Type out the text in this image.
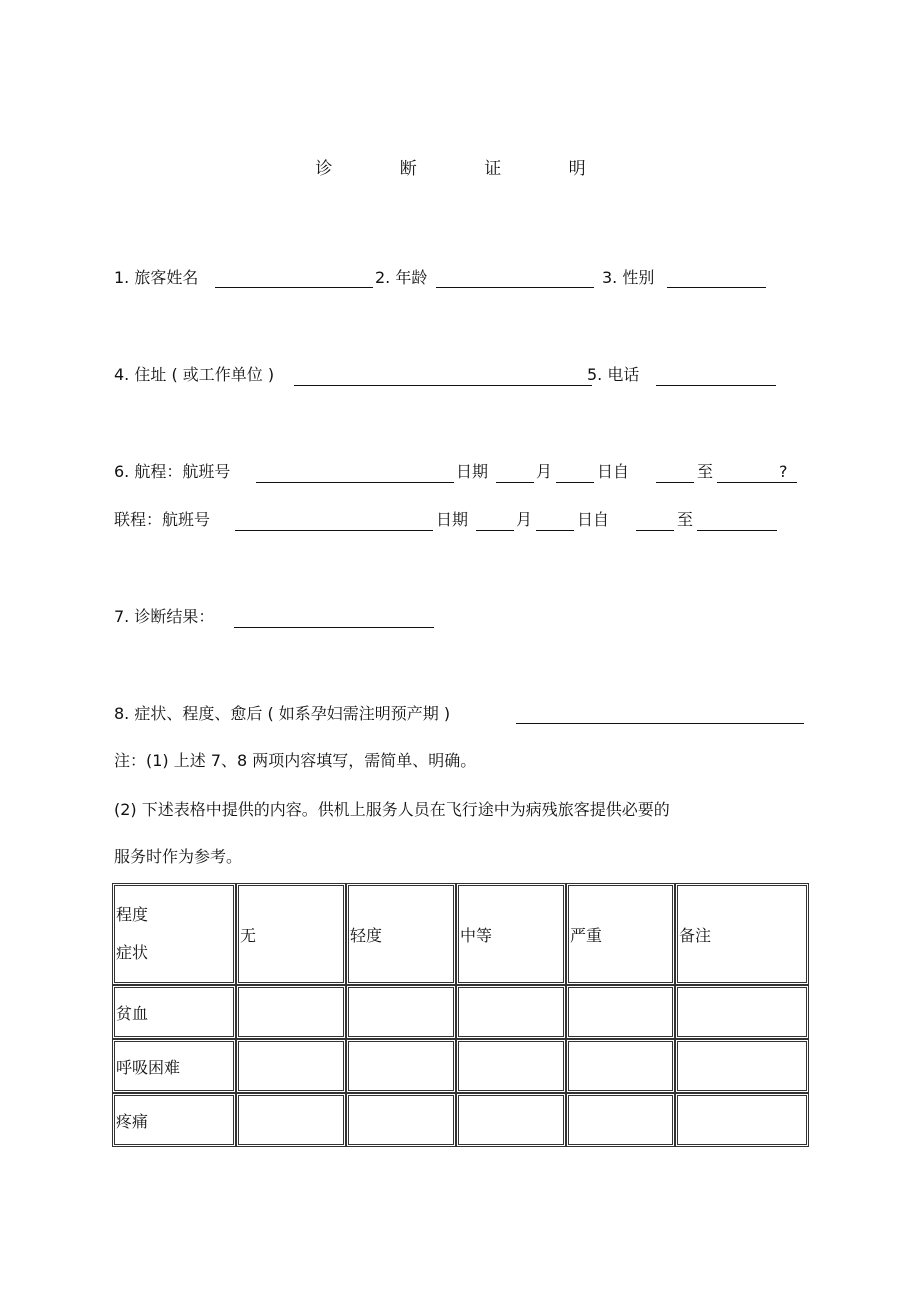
诊 断 证 明
1. 旅客姓名	2. 年龄	3. 性别
4. 住址 ( 或工作单位 )	5. 电话
6. 航程：航班号	日期	月	日自	至	?
联程：航班号	日期	月	日自	至
7. 诊断结果：
8. 症状、程度、愈后 ( 如系孕妇需注明预产期 )
注：(1) 上述 7、8 两项内容填写，需简单、明确。
(2) 下述表格中提供的内容。供机上服务人员在飞行途中为病残旅客提供必要的
服务时作为参考。
程度
症状	无	轻度	中等	严重	备注
贫血					
呼吸困难					
疼痛					
